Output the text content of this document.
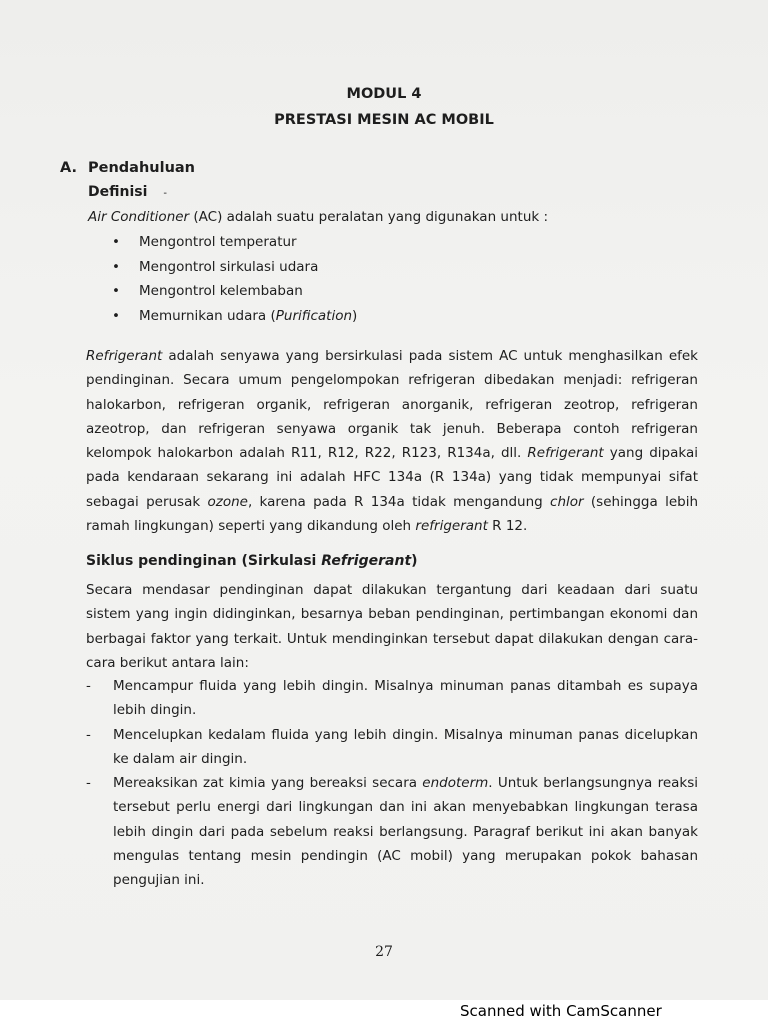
MODUL 4
PRESTASI MESIN AC MOBIL
A. Pendahuluan
Definisi -
Air Conditioner (AC) adalah suatu peralatan yang digunakan untuk :
• Mengontrol temperatur
• Mengontrol sirkulasi udara
• Mengontrol kelembaban
• Memurnikan udara (Purification)
Refrigerant adalah senyawa yang bersirkulasi pada sistem AC untuk menghasilkan efek pendinginan. Secara umum pengelompokan refrigeran dibedakan menjadi: refrigeran halokarbon, refrigeran organik, refrigeran anorganik, refrigeran zeotrop, refrigeran azeotrop, dan refrigeran senyawa organik tak jenuh. Beberapa contoh refrigeran kelompok halokarbon adalah R11, R12, R22, R123, R134a, dll. Refrigerant yang dipakai pada kendaraan sekarang ini adalah HFC 134a (R 134a) yang tidak mempunyai sifat sebagai perusak ozone, karena pada R 134a tidak mengandung chlor (sehingga lebih ramah lingkungan) seperti yang dikandung oleh refrigerant R 12.
Siklus pendinginan (Sirkulasi Refrigerant)
Secara mendasar pendinginan dapat dilakukan tergantung dari keadaan dari suatu sistem yang ingin didinginkan, besarnya beban pendinginan, pertimbangan ekonomi dan berbagai faktor yang terkait. Untuk mendinginkan tersebut dapat dilakukan dengan cara-cara berikut antara lain:
- Mencampur fluida yang lebih dingin. Misalnya minuman panas ditambah es supaya lebih dingin.
- Mencelupkan kedalam fluida yang lebih dingin. Misalnya minuman panas dicelupkan ke dalam air dingin.
- Mereaksikan zat kimia yang bereaksi secara endoterm. Untuk berlangsungnya reaksi tersebut perlu energi dari lingkungan dan ini akan menyebabkan lingkungan terasa lebih dingin dari pada sebelum reaksi berlangsung. Paragraf berikut ini akan banyak mengulas tentang mesin pendingin (AC mobil) yang merupakan pokok bahasan pengujian ini.
27
Scanned with CamScanner
